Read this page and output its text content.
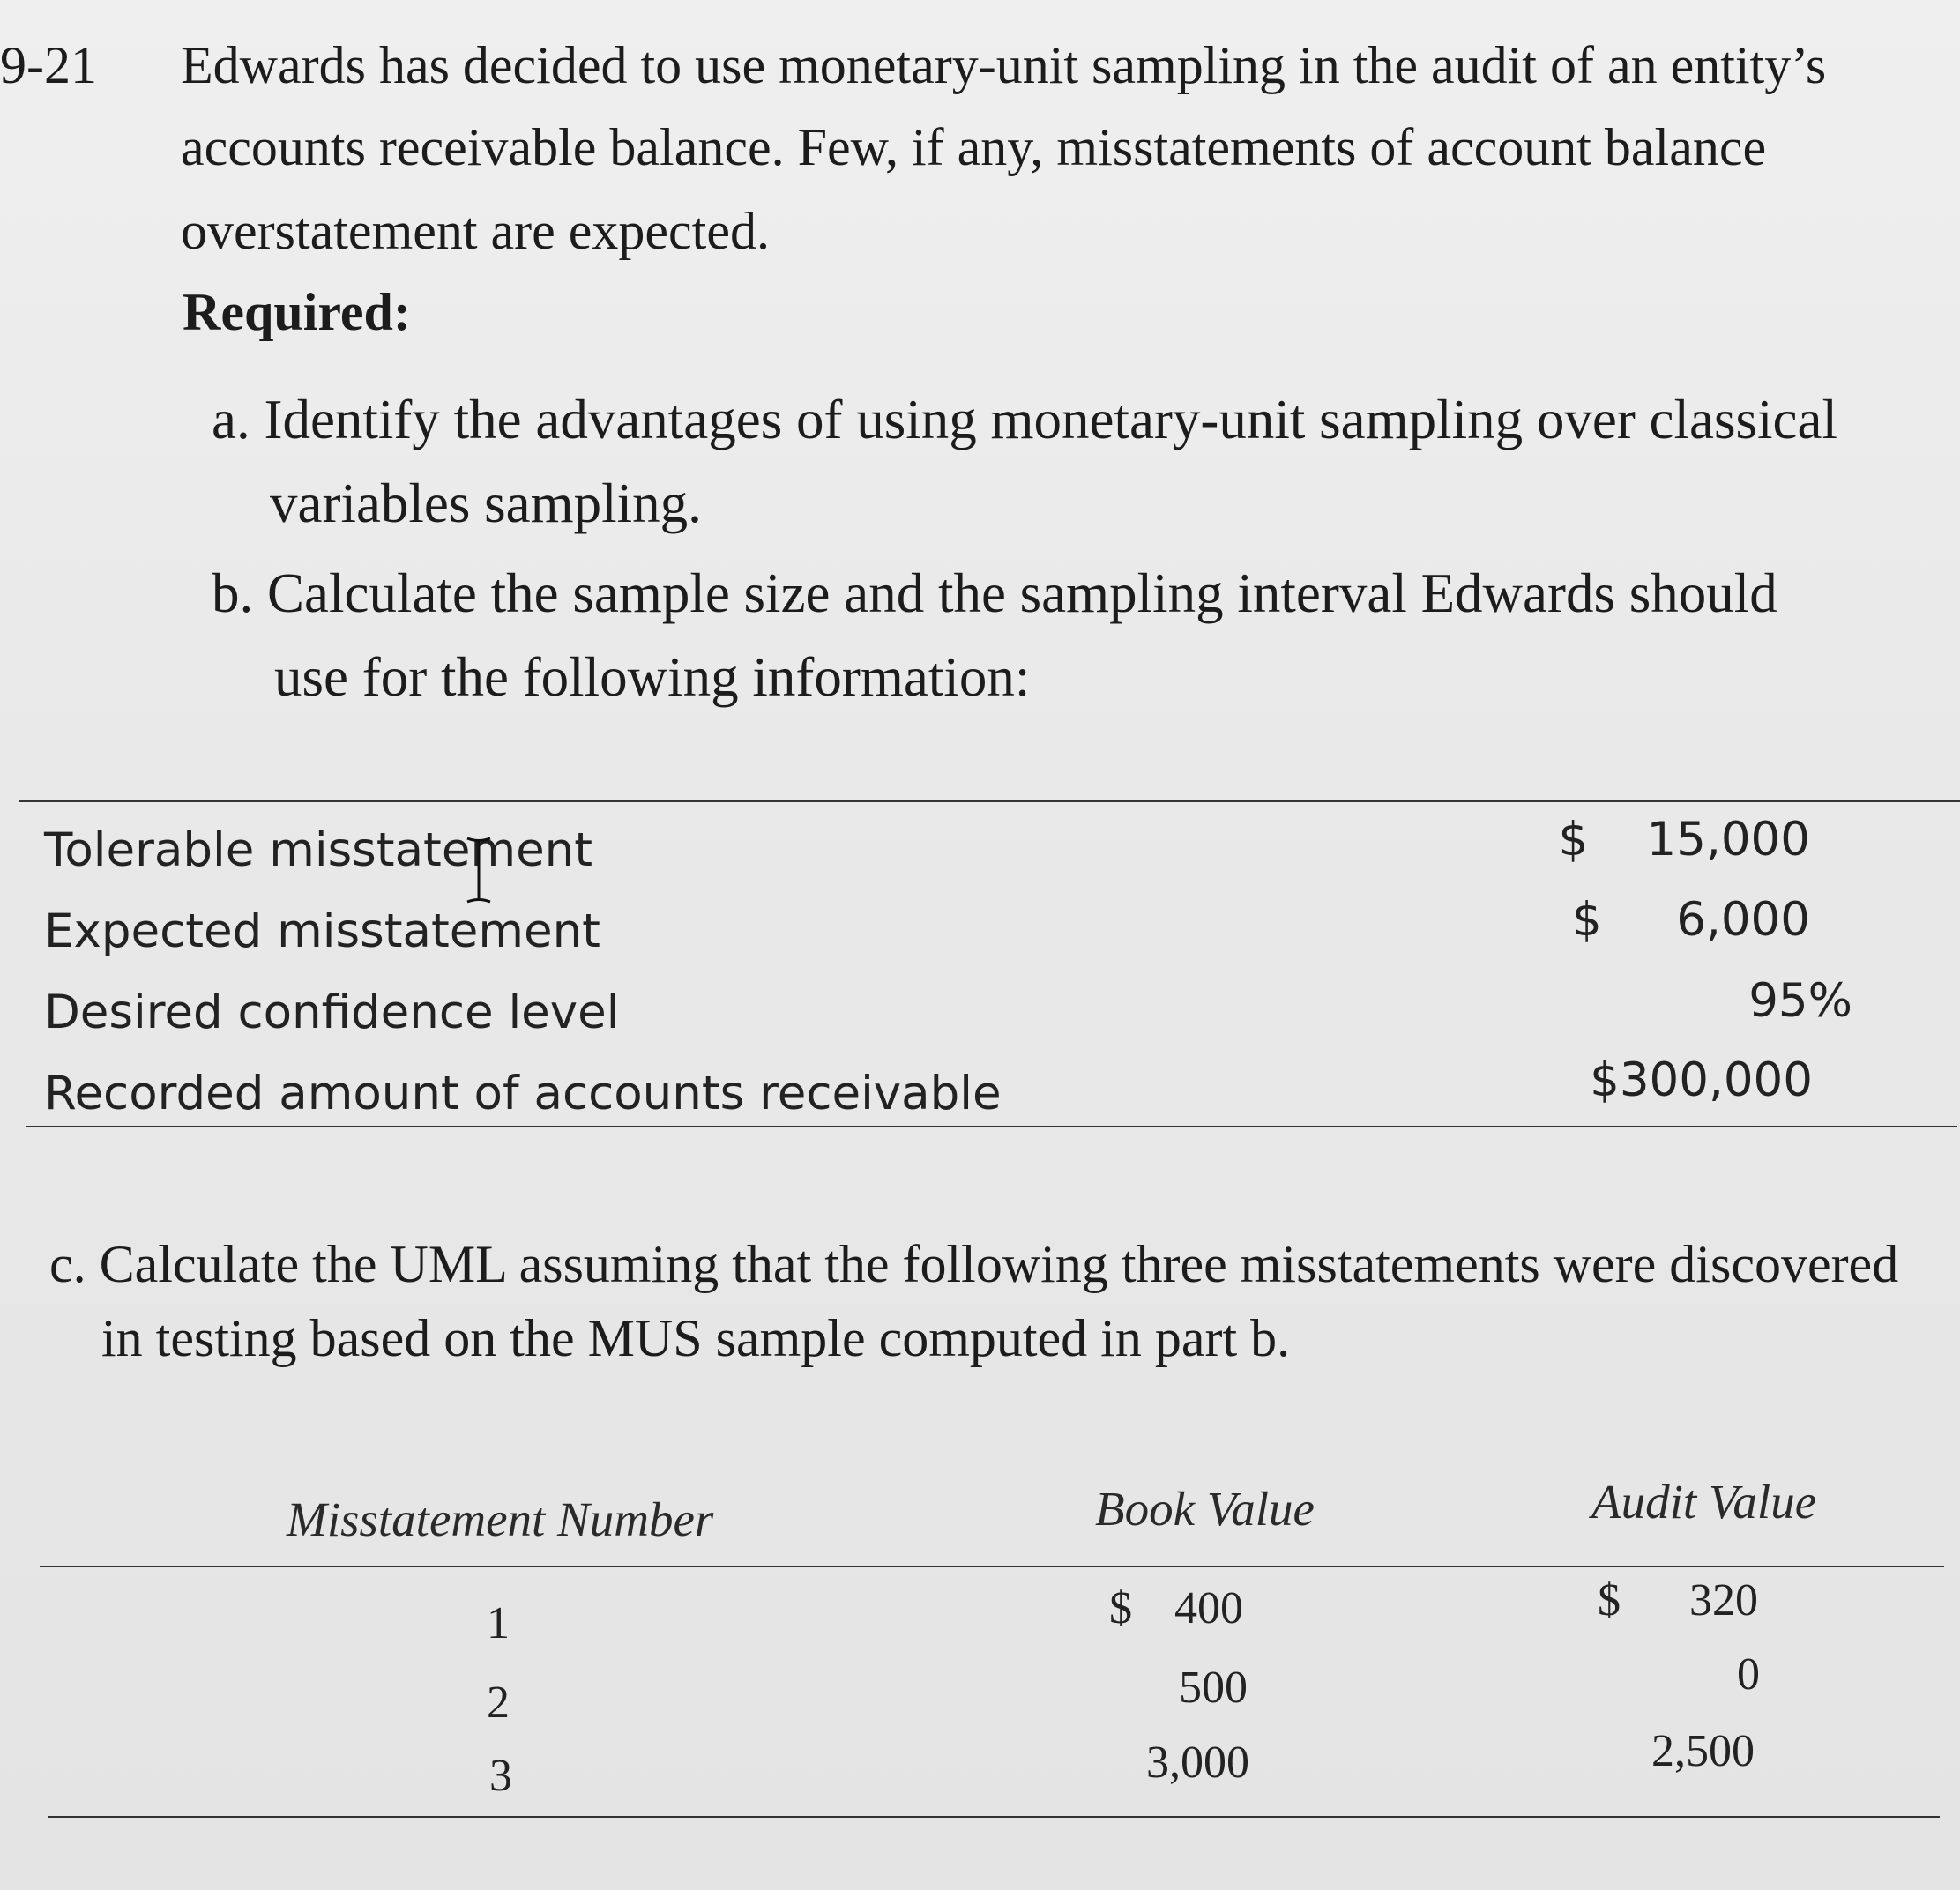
9-21 Edwards has decided to use monetary-unit sampling in the audit of an entity’s
accounts receivable balance. Few, if any, misstatements of account balance
overstatement are expected.
Required:
a. Identify the advantages of using monetary-unit sampling over classical
variables sampling.
b. Calculate the sample size and the sampling interval Edwards should
use for the following information:
Tolerable misstatement	$ 15,000
Expected misstatement	$ 6,000
Desired confidence level	95%
Recorded amount of accounts receivable	$300,000
c. Calculate the UML assuming that the following three misstatements were discovered
in testing based on the MUS sample computed in part b.
Misstatement Number	Book Value	Audit Value
1	$ 400	$ 320
2	500	0
3	3,000	2,500
